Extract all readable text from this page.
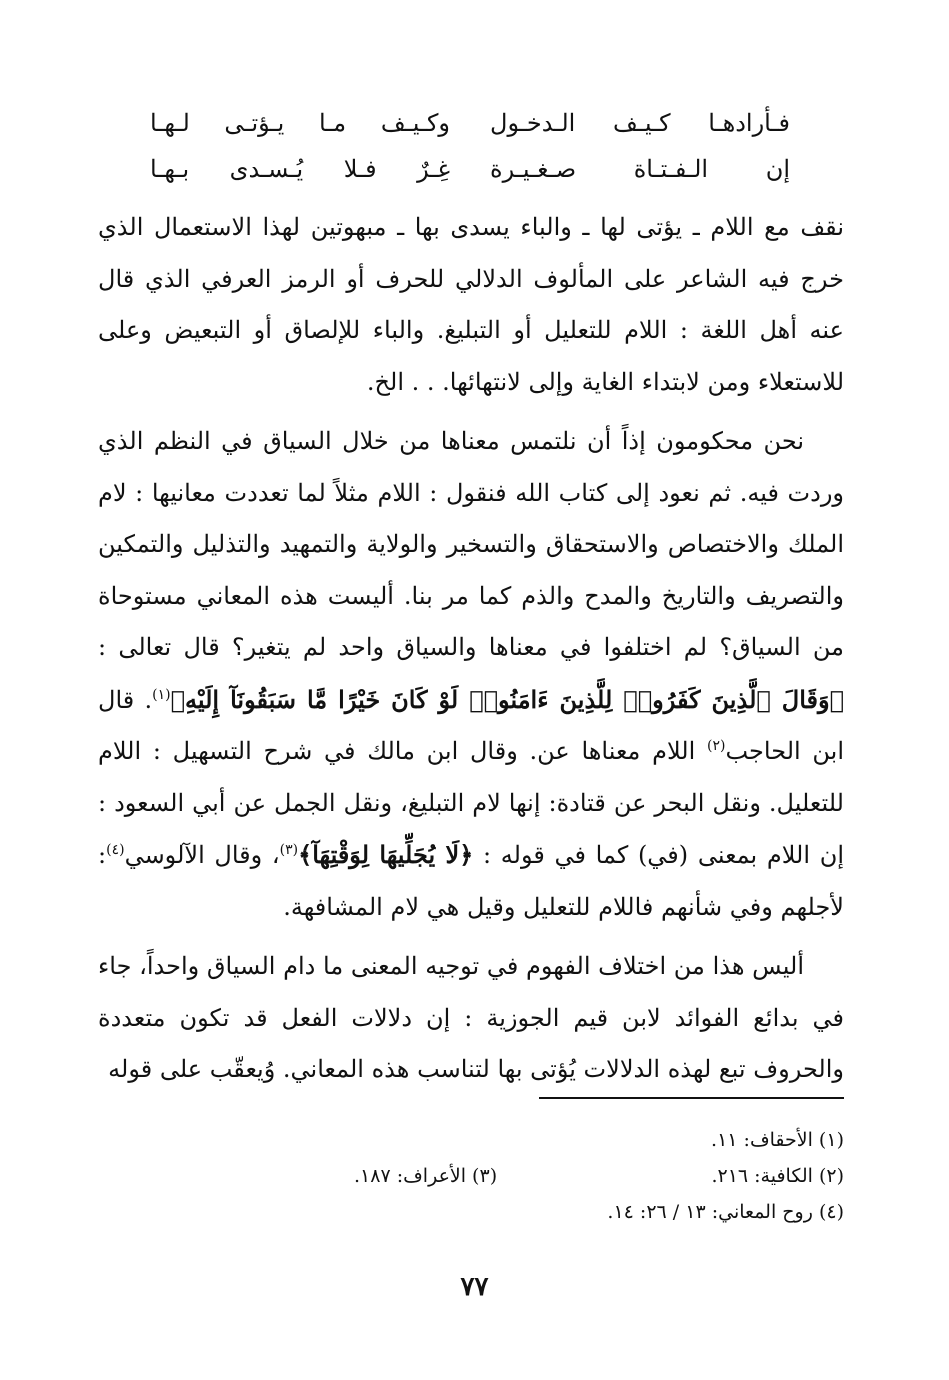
فـأرادهـا كـيـف الـدخـول
وكـيـف مـا يـؤتـى لـهـا
إن الـفـتـاة صـغـيـرة
غِـرٌ فـلا يُـسـدى بـهـا

نقف مع اللام ـ يؤتى لها ـ والباء يسدى بها ـ مبهوتين لهذا الاستعمال الذي خرج فيه الشاعر على المألوف الدلالي للحرف أو الرمز العرفي الذي قال عنه أهل اللغة : اللام للتعليل أو التبليغ. والباء للإلصاق أو التبعيض وعلى للاستعلاء ومن لابتداء الغاية وإلى لانتهائها. . . الخ.

نحن محكومون إذاً أن نلتمس معناها من خلال السياق في النظم الذي وردت فيه. ثم نعود إلى كتاب الله فنقول : اللام مثلاً لما تعددت معانيها : لام الملك والاختصاص والاستحقاق والتسخير والولاية والتمهيد والتذليل والتمكين والتصريف والتاريخ والمدح والذم كما مر بنا. أليست هذه المعاني مستوحاة من السياق؟ لم اختلفوا في معناها والسياق واحد لم يتغير؟ قال تعالى : ﴿وَقَالَ ٱلَّذِينَ كَفَرُوا۟ لِلَّذِينَ ءَامَنُوا۟ لَوْ كَانَ خَيْرًا مَّا سَبَقُونَآ إِلَيْهِ﴾$^{(١)}$. قال ابن الحاجب$^{(٢)}$ اللام معناها عن. وقال ابن مالك في شرح التسهيل : اللام للتعليل. ونقل البحر عن قتادة: إنها لام التبليغ، ونقل الجمل عن أبي السعود : إن اللام بمعنى (في) كما في قوله : ﴿لَا يُجَلِّيهَا لِوَقْتِهَآ﴾$^{(٣)}$، وقال الآلوسي$^{(٤)}$: لأجلهم وفي شأنهم فاللام للتعليل وقيل هي لام المشافهة.

أليس هذا من اختلاف الفهوم في توجيه المعنى ما دام السياق واحداً، جاء في بدائع الفوائد لابن قيم الجوزية : إن دلالات الفعل قد تكون متعددة والحروف تبع لهذه الدلالات يُؤتى بها لتناسب هذه المعاني. وُيعقّب على قوله

(١) الأحقاف: ١١.
(٢) الكافية: ٢١٦.
(٣) الأعراف: ١٨٧.
(٤) روح المعاني: ١٣ / ٢٦: ١٤.
٧٧
